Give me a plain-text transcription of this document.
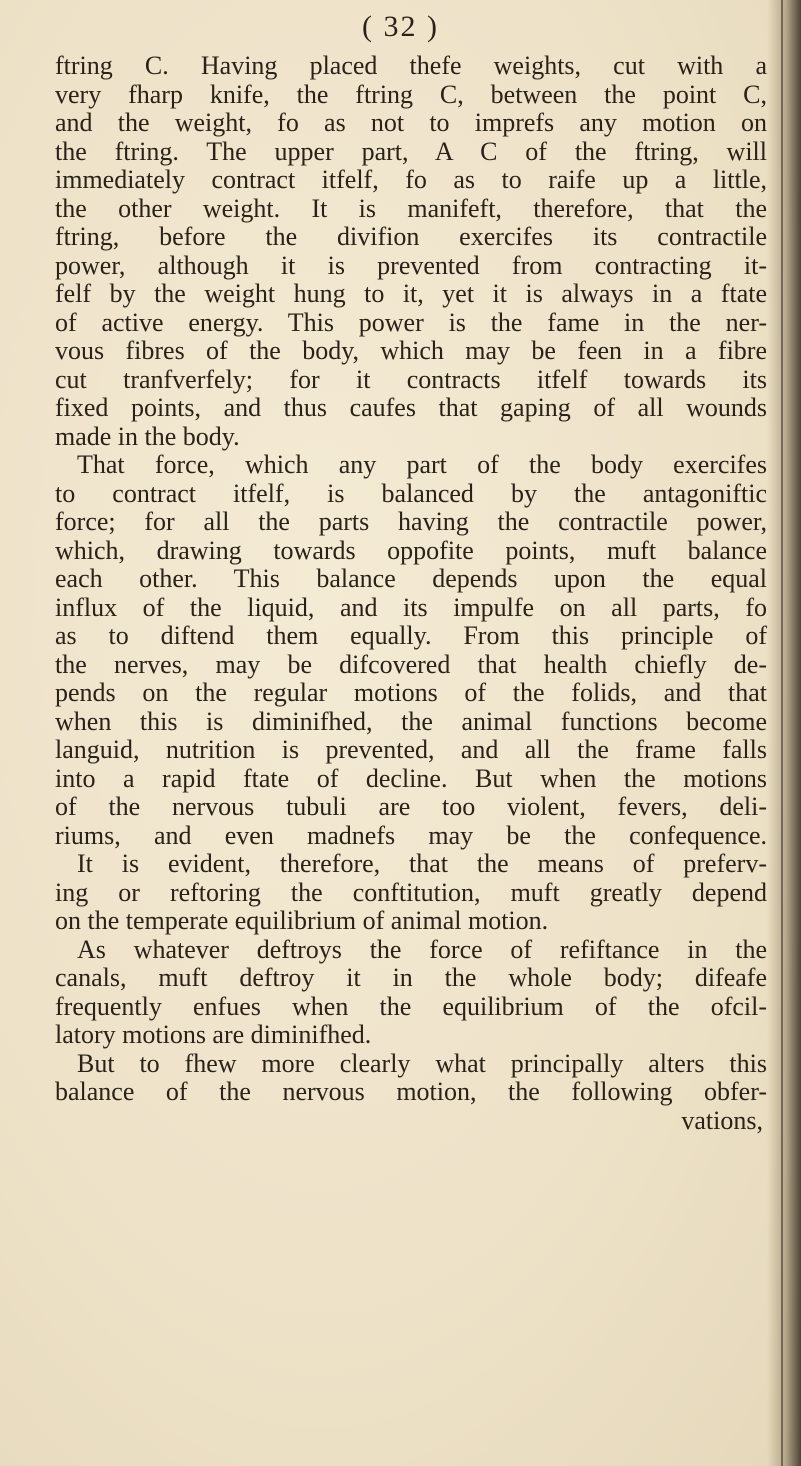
( 32 )
ftring C. Having placed thefe weights, cut with a
very fharp knife, the ftring C, between the point C,
and the weight, fo as not to imprefs any motion on
the ftring. The upper part, A C of the ftring, will
immediately contract itfelf, fo as to raife up a little,
the other weight. It is manifeft, therefore, that the
ftring, before the divifion exercifes its contractile
power, although it is prevented from contracting it-
felf by the weight hung to it, yet it is always in a ftate
of active energy. This power is the fame in the ner-
vous fibres of the body, which may be feen in a fibre
cut tranfverfely; for it contracts itfelf towards its
fixed points, and thus caufes that gaping of all wounds
made in the body.
That force, which any part of the body exercifes
to contract itfelf, is balanced by the antagoniftic
force; for all the parts having the contractile power,
which, drawing towards oppofite points, muft balance
each other. This balance depends upon the equal
influx of the liquid, and its impulfe on all parts, fo
as to diftend them equally. From this principle of
the nerves, may be difcovered that health chiefly de-
pends on the regular motions of the folids, and that
when this is diminifhed, the animal functions become
languid, nutrition is prevented, and all the frame falls
into a rapid ftate of decline. But when the motions
of the nervous tubuli are too violent, fevers, deli-
riums, and even madnefs may be the confequence.
It is evident, therefore, that the means of preferv-
ing or reftoring the conftitution, muft greatly depend
on the temperate equilibrium of animal motion.
As whatever deftroys the force of refiftance in the
canals, muft deftroy it in the whole body; difeafe
frequently enfues when the equilibrium of the ofcil-
latory motions are diminifhed.
But to fhew more clearly what principally alters this
balance of the nervous motion, the following obfer-
vations,
